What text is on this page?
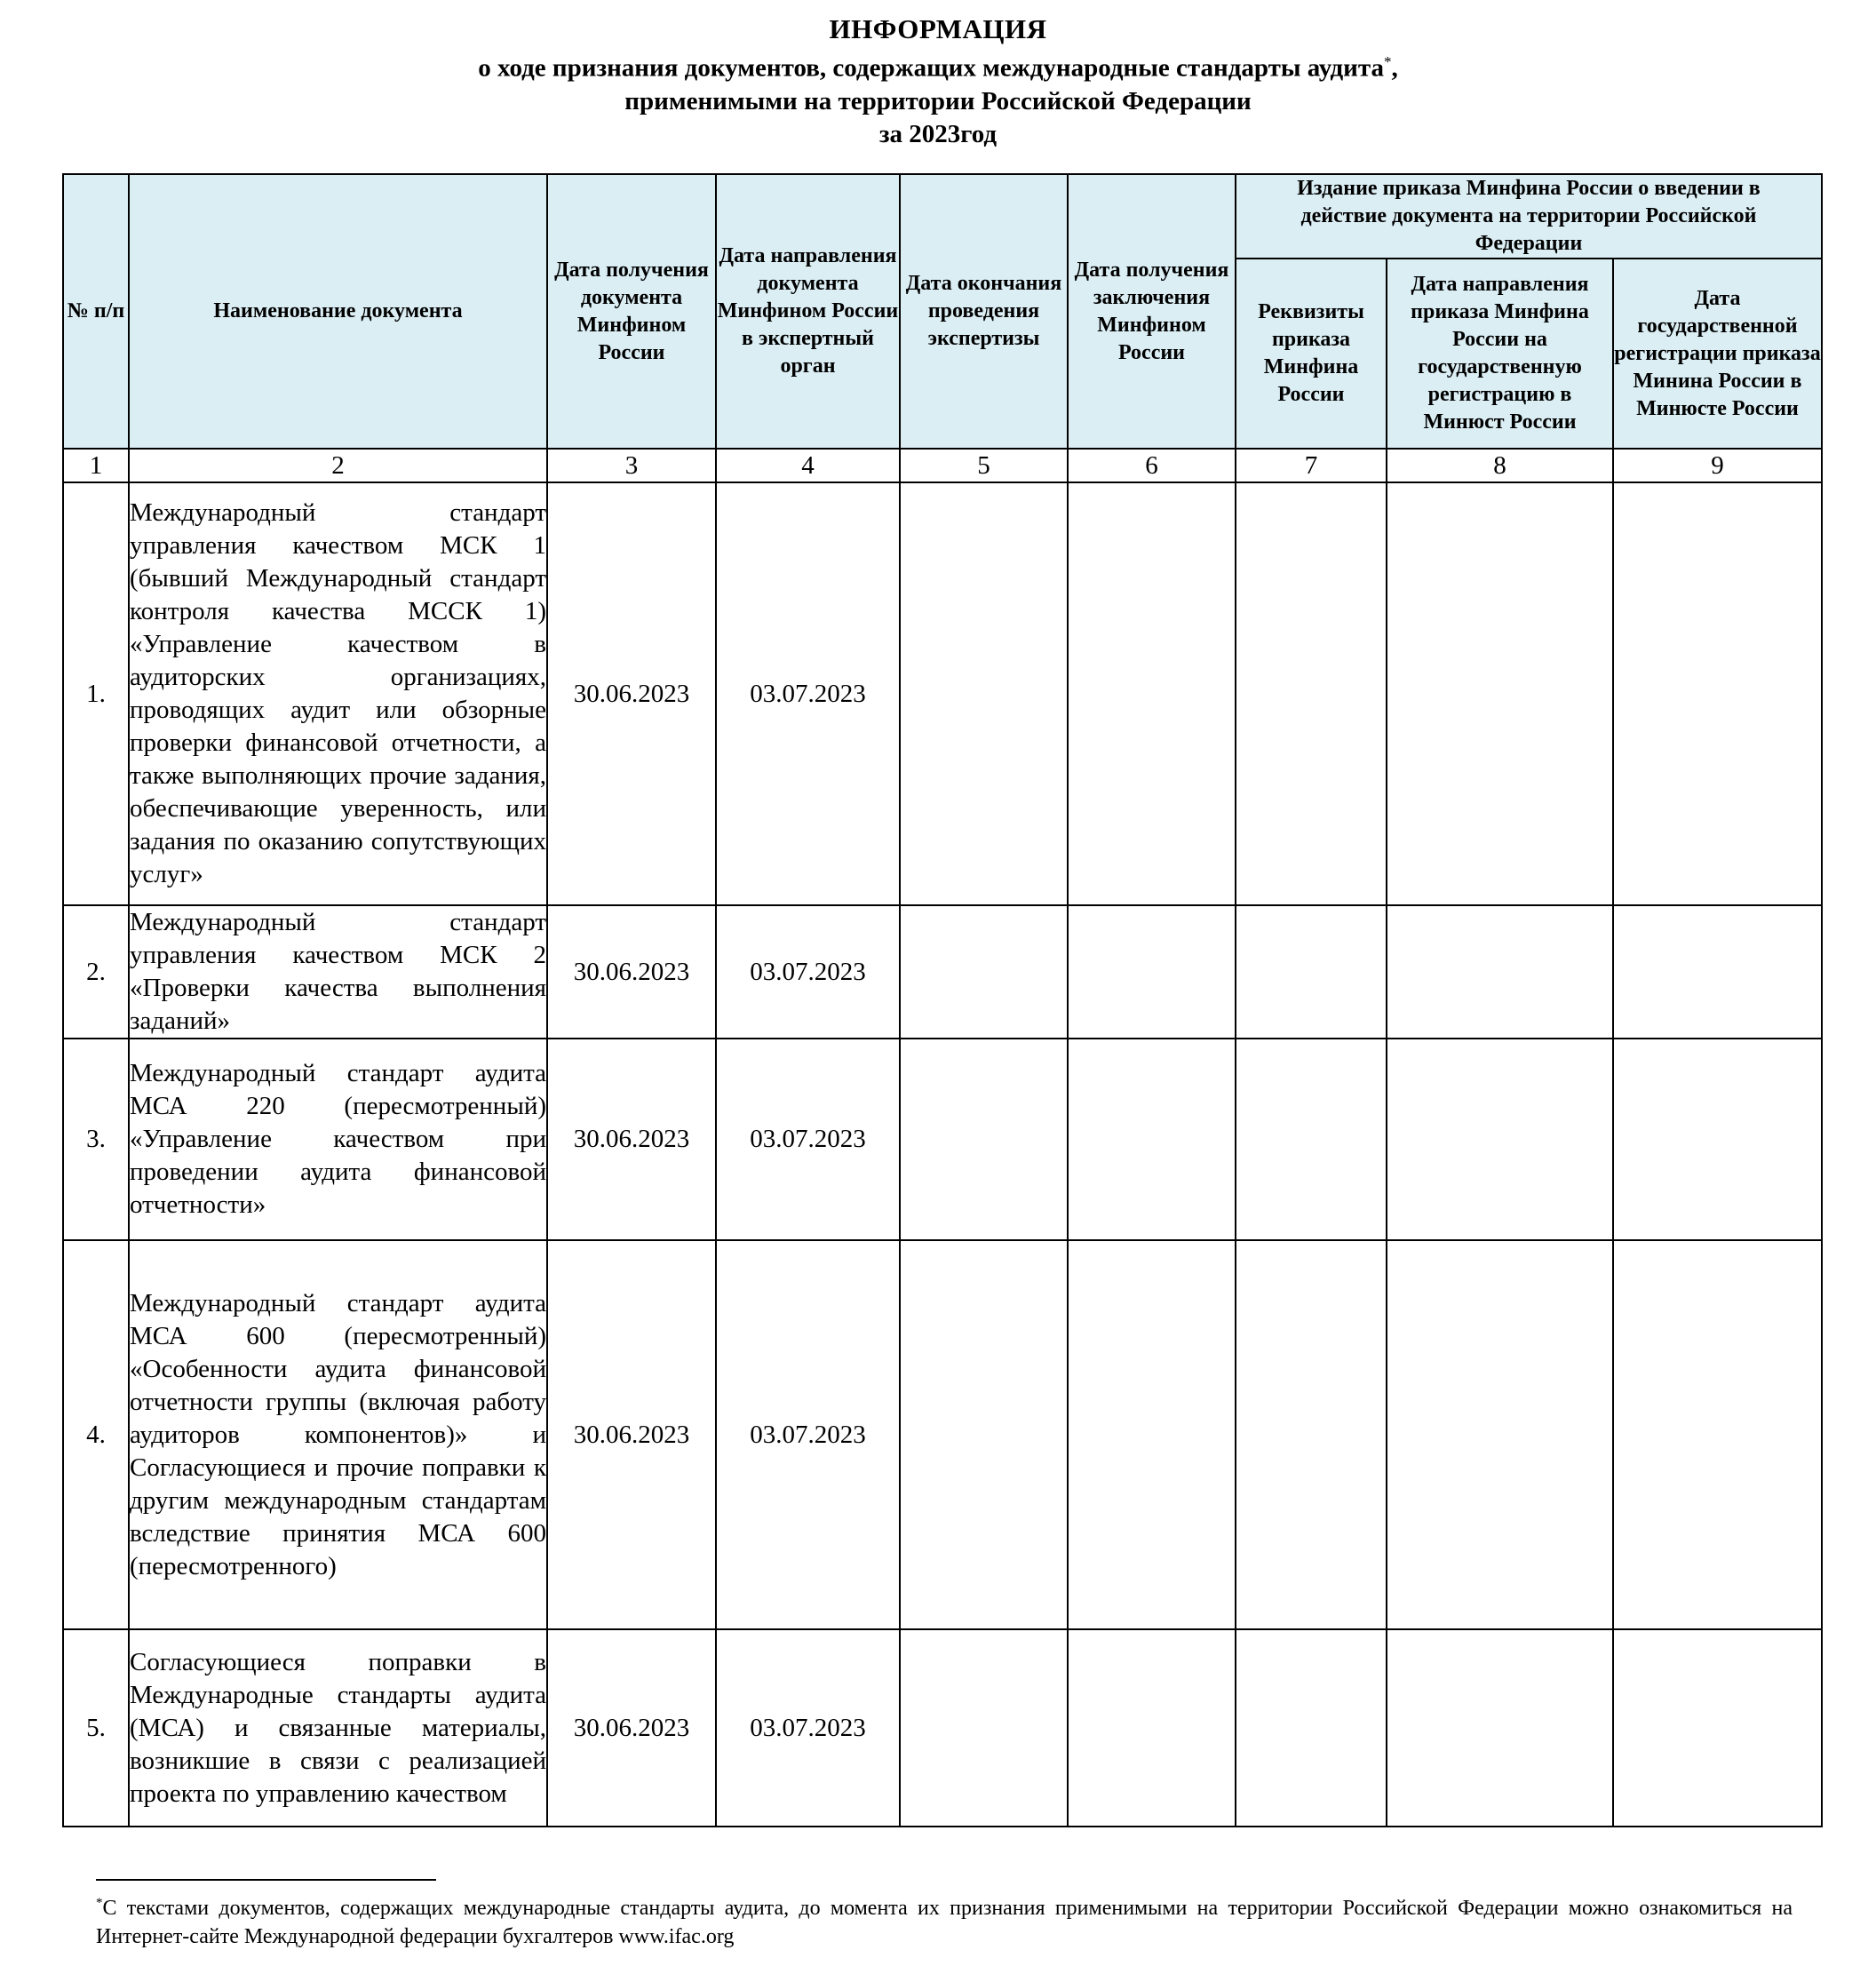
ИНФОРМАЦИЯ
о ходе признания документов, содержащих международные стандарты аудита*,
применимыми на территории Российской Федерации
за 2023год
№ п/п	Наименование документа	Дата получения документа Минфином России	Дата направления документа Минфином России в экспертный орган	Дата окончания проведения экспертизы	Дата получения заключения Минфином России	Издание приказа Минфина России о введении в действие документа на территории Российской Федерации		
						Реквизиты приказа Минфина России	Дата направления приказа Минфина России на государственную регистрацию в Минюст России	Дата государственной регистрации приказа Минина России в Минюсте России
1	2	3	4	5	6	7	8	9
1.	Международный стандарт управления качеством МСК 1 (бывший Международный стандарт контроля качества МССК 1) «Управление качеством в аудиторских организациях, проводящих аудит или обзорные проверки финансовой отчетности, а также выполняющих прочие задания, обеспечивающие уверенность, или задания по оказанию сопутствующих услуг»	30.06.2023	03.07.2023					
2.	Международный стандарт управления качеством МСК 2 «Проверки качества выполнения заданий»	30.06.2023	03.07.2023					
3.	Международный стандарт аудита МСА 220 (пересмотренный) «Управление качеством при проведении аудита финансовой отчетности»	30.06.2023	03.07.2023					
4.	Международный стандарт аудита МСА 600 (пересмотренный) «Особенности аудита финансовой отчетности группы (включая работу аудиторов компонентов)» и Согласующиеся и прочие поправки к другим международным стандартам вследствие принятия МСА 600 (пересмотренного)	30.06.2023	03.07.2023					
5.	Согласующиеся поправки в Международные стандарты аудита (МСА) и связанные материалы, возникшие в связи с реализацией проекта по управлению качеством	30.06.2023	03.07.2023					
*С текстами документов, содержащих международные стандарты аудита, до момента их признания применимыми на территории Российской Федерации можно ознакомиться на Интернет-сайте Международной федерации бухгалтеров www.ifac.org
